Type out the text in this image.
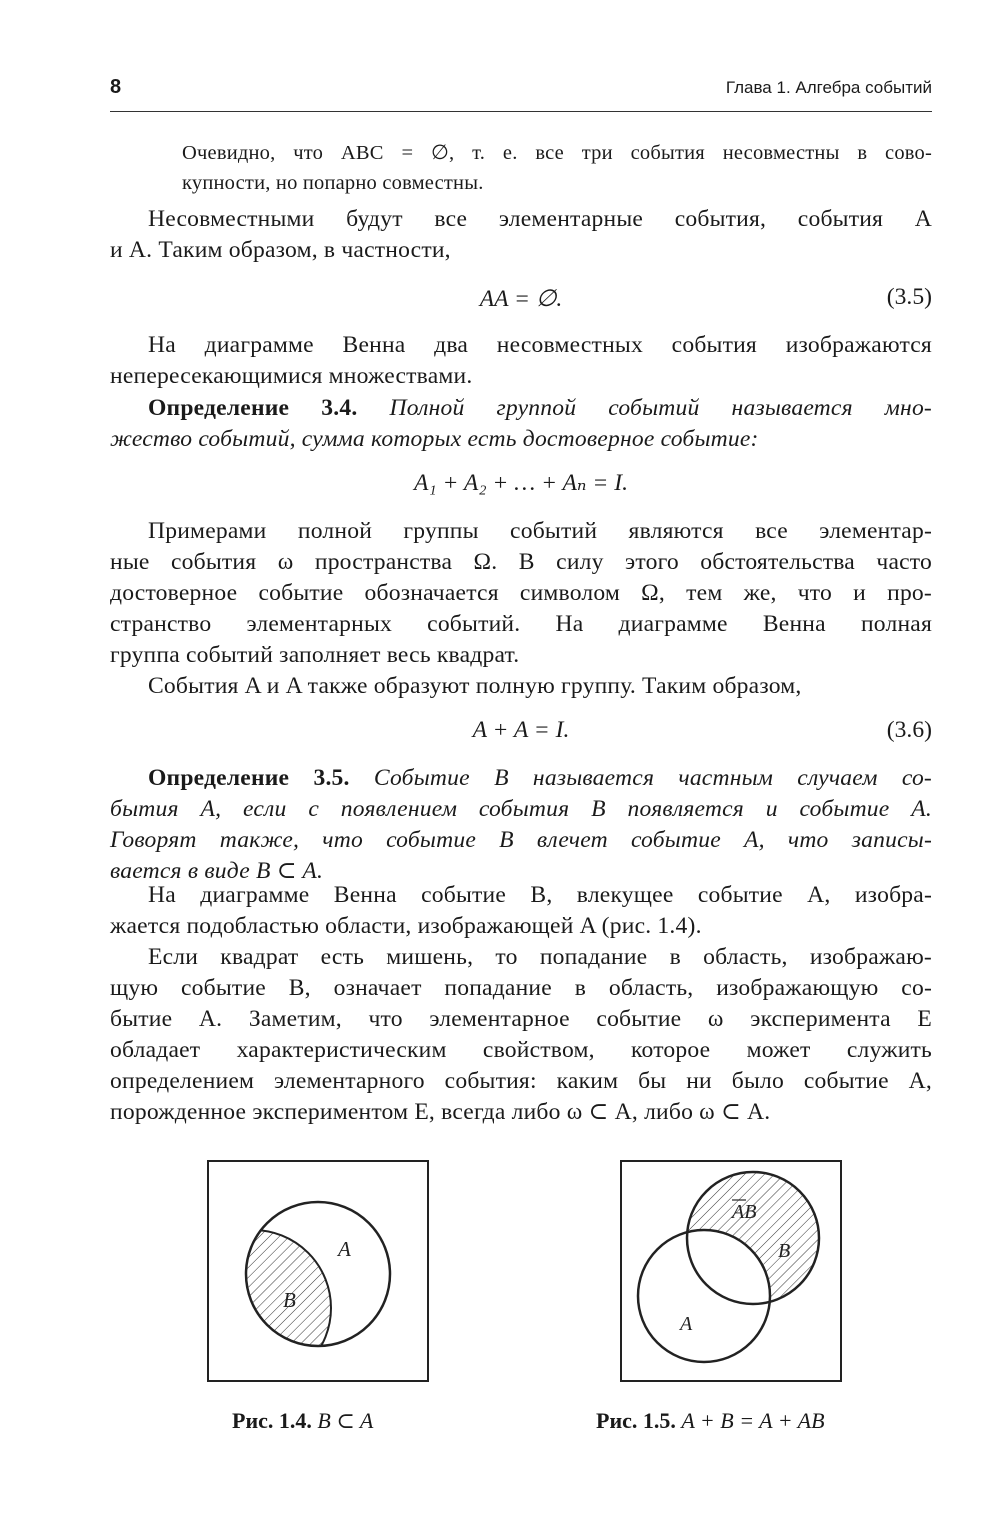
8	Глава 1. Алгебра событий
Очевидно, что ABC = ∅, т. е. все три события несовместны в сово-
купности, но попарно совместны.
Несовместными будут все элементарные события, события A
и A. Таким образом, в частности,
AA = ∅.	(3.5)
На диаграмме Венна два несовместных события изображаются
непересекающимися множествами.
Определение 3.4. Полной группой событий называется мно-
жество событий, сумма которых есть достоверное событие:
A₁ + A₂ + … + Aₙ = I.
Примерами полной группы событий являются все элементар-
ные события ω пространства Ω. В силу этого обстоятельства часто
достоверное событие обозначается символом Ω, тем же, что и про-
странство элементарных событий. На диаграмме Венна полная
группа событий заполняет весь квадрат.
События A и A также образуют полную группу. Таким образом,
A + A = I.	(3.6)
Определение 3.5. Событие B называется частным случаем со-
бытия A, если с появлением события B появляется и событие A.
Говорят также, что событие B влечет событие A, что записы-
вается в виде B ⊂ A.
На диаграмме Венна событие B, влекущее событие A, изобра-
жается подобластью области, изображающей A (рис. 1.4).
Если квадрат есть мишень, то попадание в область, изображаю-
щую событие B, означает попадание в область, изображающую со-
бытие A. Заметим, что элементарное событие ω эксперимента E
обладает характеристическим свойством, которое может служить
определением элементарного события: каким бы ни было событие A,
порожденное экспериментом E, всегда либо ω ⊂ A, либо ω ⊂ A.
A
B
Рис. 1.4. B ⊂ A
AB
B
A
Рис. 1.5. A + B = A + AB
